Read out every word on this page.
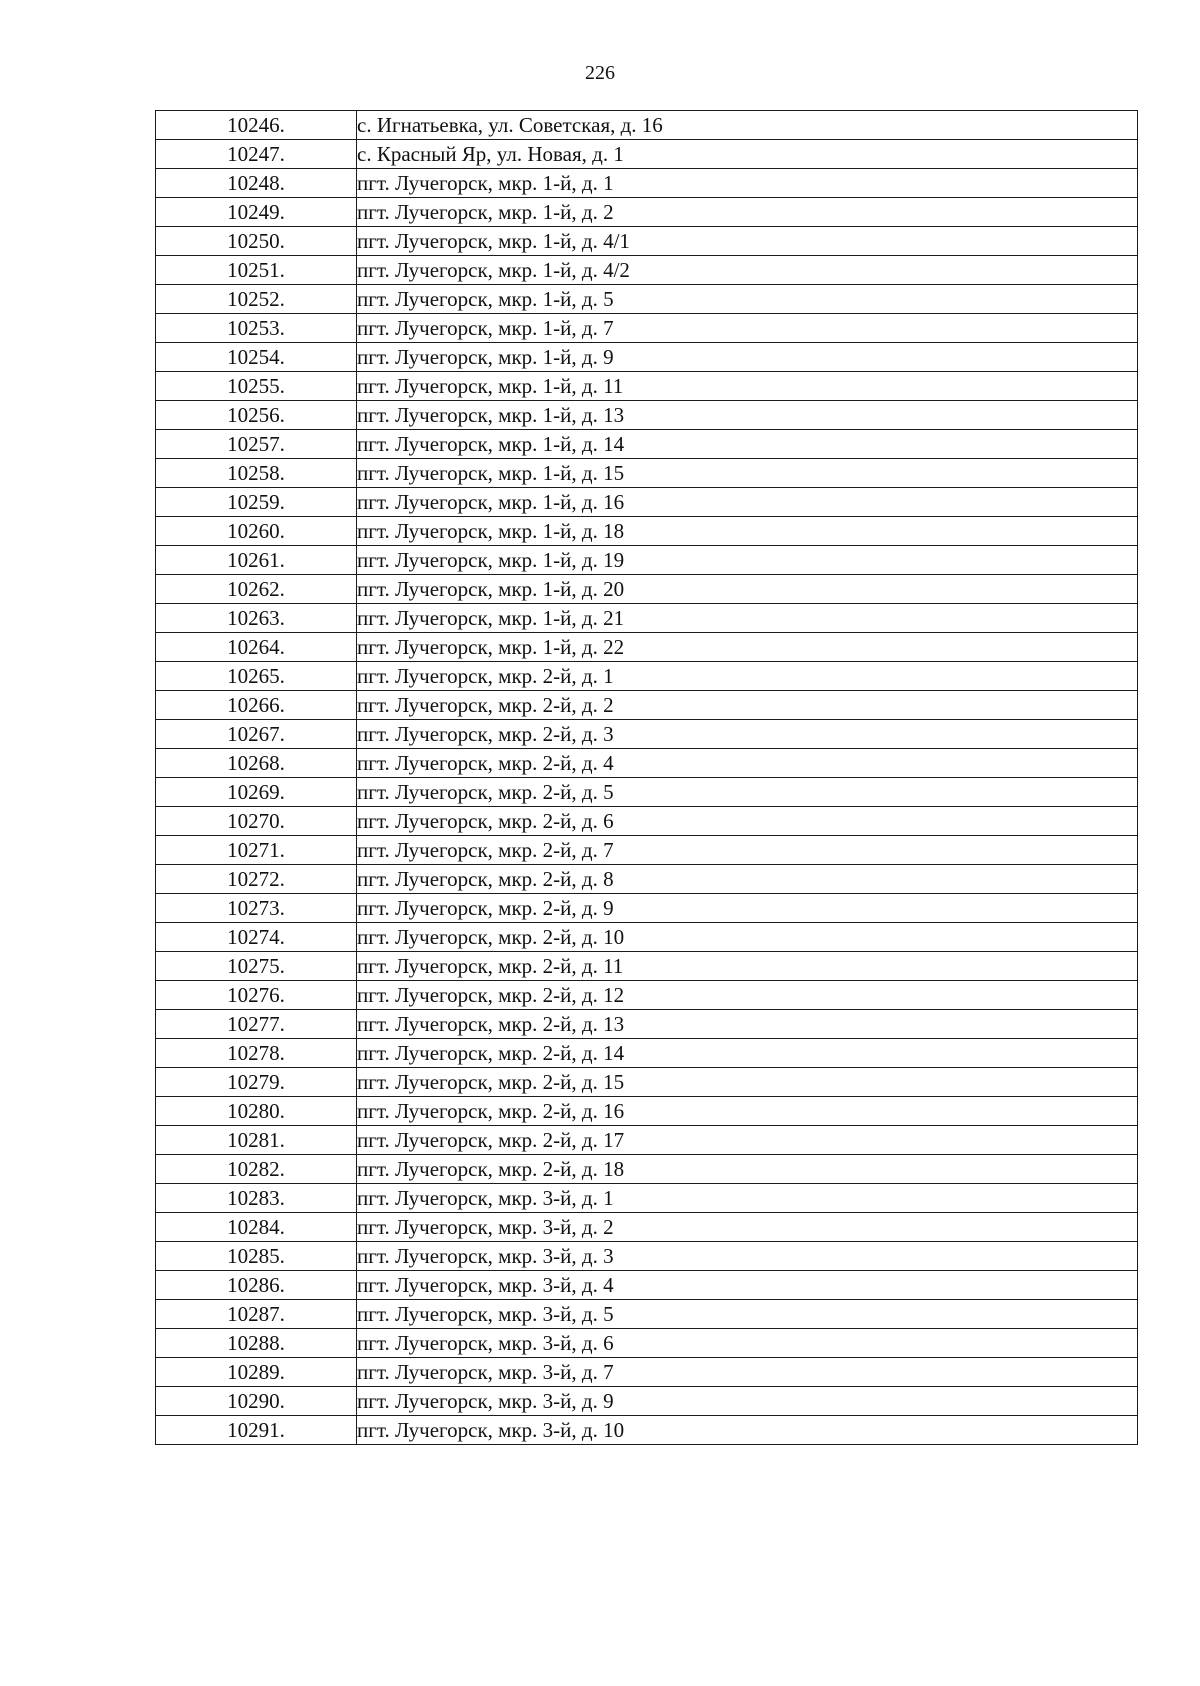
226
10246.	с. Игнатьевка, ул. Советская, д. 16
10247.	с. Красный Яр, ул. Новая, д. 1
10248.	пгт. Лучегорск, мкр. 1-й, д. 1
10249.	пгт. Лучегорск, мкр. 1-й, д. 2
10250.	пгт. Лучегорск, мкр. 1-й, д. 4/1
10251.	пгт. Лучегорск, мкр. 1-й, д. 4/2
10252.	пгт. Лучегорск, мкр. 1-й, д. 5
10253.	пгт. Лучегорск, мкр. 1-й, д. 7
10254.	пгт. Лучегорск, мкр. 1-й, д. 9
10255.	пгт. Лучегорск, мкр. 1-й, д. 11
10256.	пгт. Лучегорск, мкр. 1-й, д. 13
10257.	пгт. Лучегорск, мкр. 1-й, д. 14
10258.	пгт. Лучегорск, мкр. 1-й, д. 15
10259.	пгт. Лучегорск, мкр. 1-й, д. 16
10260.	пгт. Лучегорск, мкр. 1-й, д. 18
10261.	пгт. Лучегорск, мкр. 1-й, д. 19
10262.	пгт. Лучегорск, мкр. 1-й, д. 20
10263.	пгт. Лучегорск, мкр. 1-й, д. 21
10264.	пгт. Лучегорск, мкр. 1-й, д. 22
10265.	пгт. Лучегорск, мкр. 2-й, д. 1
10266.	пгт. Лучегорск, мкр. 2-й, д. 2
10267.	пгт. Лучегорск, мкр. 2-й, д. 3
10268.	пгт. Лучегорск, мкр. 2-й, д. 4
10269.	пгт. Лучегорск, мкр. 2-й, д. 5
10270.	пгт. Лучегорск, мкр. 2-й, д. 6
10271.	пгт. Лучегорск, мкр. 2-й, д. 7
10272.	пгт. Лучегорск, мкр. 2-й, д. 8
10273.	пгт. Лучегорск, мкр. 2-й, д. 9
10274.	пгт. Лучегорск, мкр. 2-й, д. 10
10275.	пгт. Лучегорск, мкр. 2-й, д. 11
10276.	пгт. Лучегорск, мкр. 2-й, д. 12
10277.	пгт. Лучегорск, мкр. 2-й, д. 13
10278.	пгт. Лучегорск, мкр. 2-й, д. 14
10279.	пгт. Лучегорск, мкр. 2-й, д. 15
10280.	пгт. Лучегорск, мкр. 2-й, д. 16
10281.	пгт. Лучегорск, мкр. 2-й, д. 17
10282.	пгт. Лучегорск, мкр. 2-й, д. 18
10283.	пгт. Лучегорск, мкр. 3-й, д. 1
10284.	пгт. Лучегорск, мкр. 3-й, д. 2
10285.	пгт. Лучегорск, мкр. 3-й, д. 3
10286.	пгт. Лучегорск, мкр. 3-й, д. 4
10287.	пгт. Лучегорск, мкр. 3-й, д. 5
10288.	пгт. Лучегорск, мкр. 3-й, д. 6
10289.	пгт. Лучегорск, мкр. 3-й, д. 7
10290.	пгт. Лучегорск, мкр. 3-й, д. 9
10291.	пгт. Лучегорск, мкр. 3-й, д. 10
